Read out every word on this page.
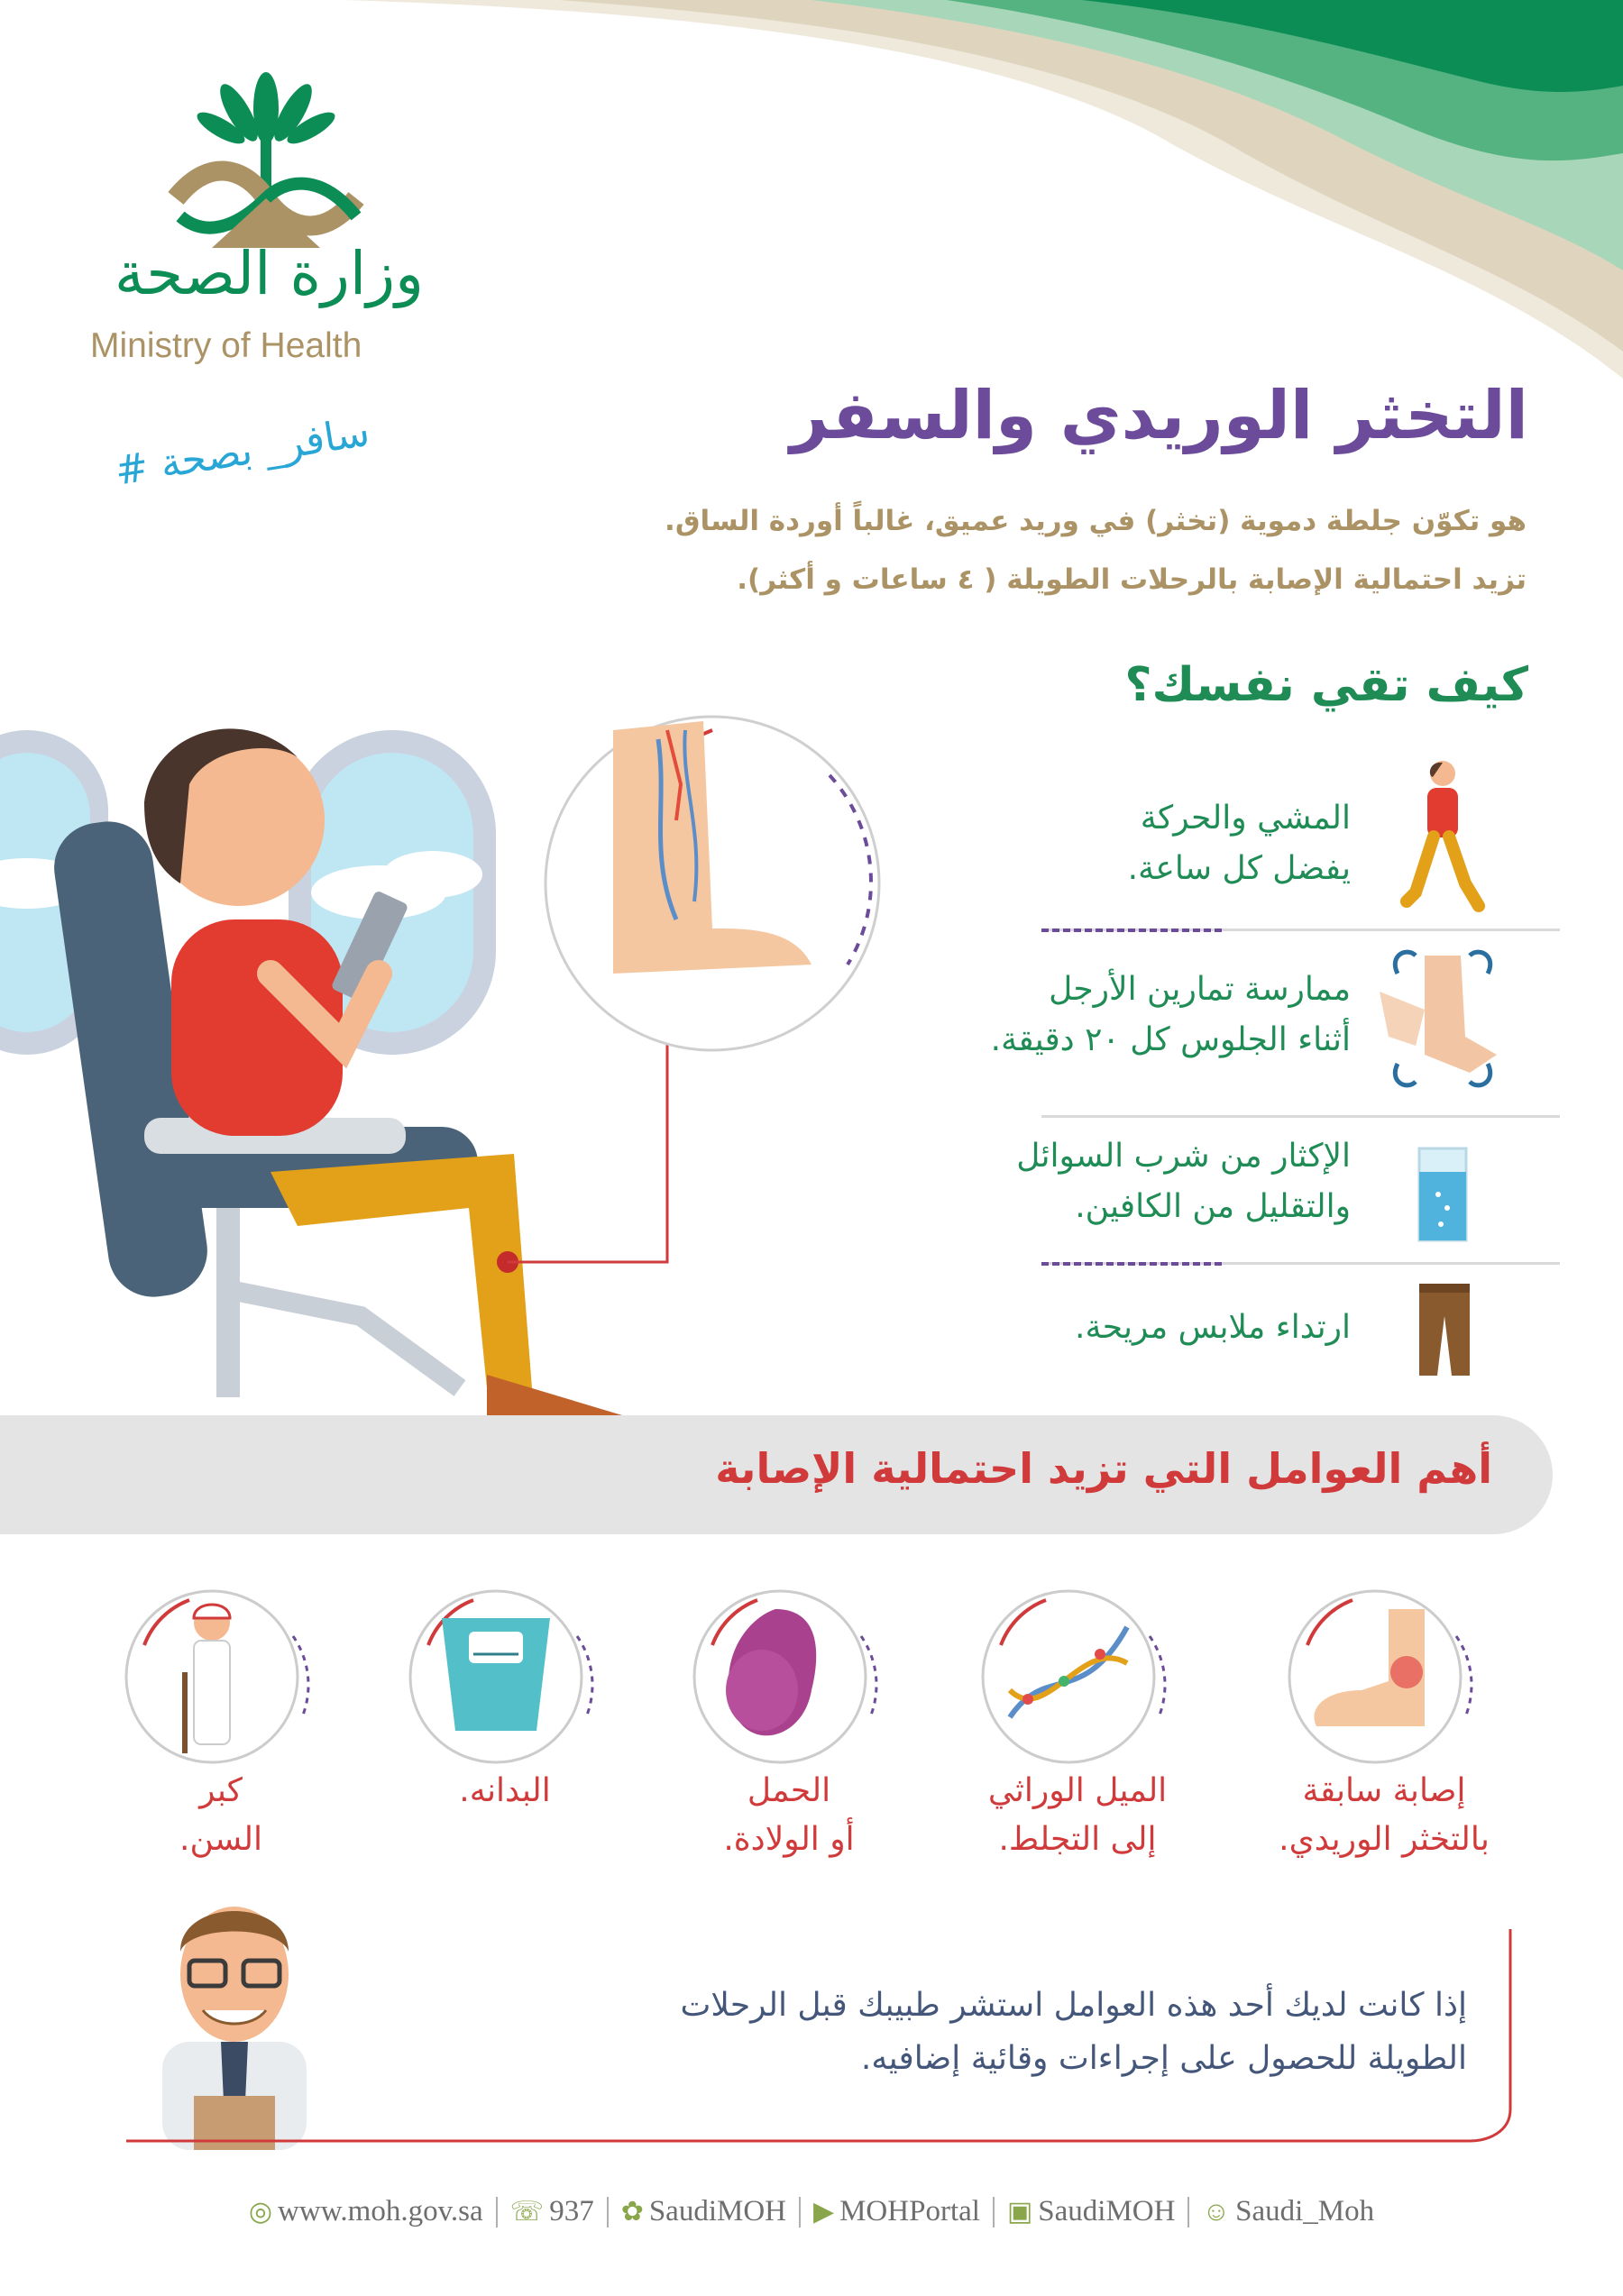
وزارة الصحة
Ministry of Health
# سافر_ بصحة	التخثر الوريدي والسفر
هو تكوّن جلطة دموية (تخثر) في وريد عميق، غالباً أوردة الساق.
تزيد احتمالية الإصابة بالرحلات الطويلة ( ٤ ساعات و أكثر).
كيف تقي نفسك؟
المشي والحركة
يفضل كل ساعة.
ممارسة تمارين الأرجل
أثناء الجلوس كل ٢٠ دقيقة.
الإكثار من شرب السوائل
والتقليل من الكافين.
ارتداء ملابس مريحة.
أهم العوامل التي تزيد احتمالية الإصابة
إصابة سابقة
بالتخثر الوريدي.
الميل الوراثي
إلى التجلط.
الحمل
أو الولادة.
البدانه.
كبر
السن.
إذا كانت لديك أحد هذه العوامل استشر طبيبك قبل الرحلات
الطويلة للحصول على إجراءات وقائية إضافيه.
◎ www.moh.gov.sa ☏ 937 ✿ SaudiMOH ▶ MOHPortal ▣ SaudiMOH ☺ Saudi_Moh
